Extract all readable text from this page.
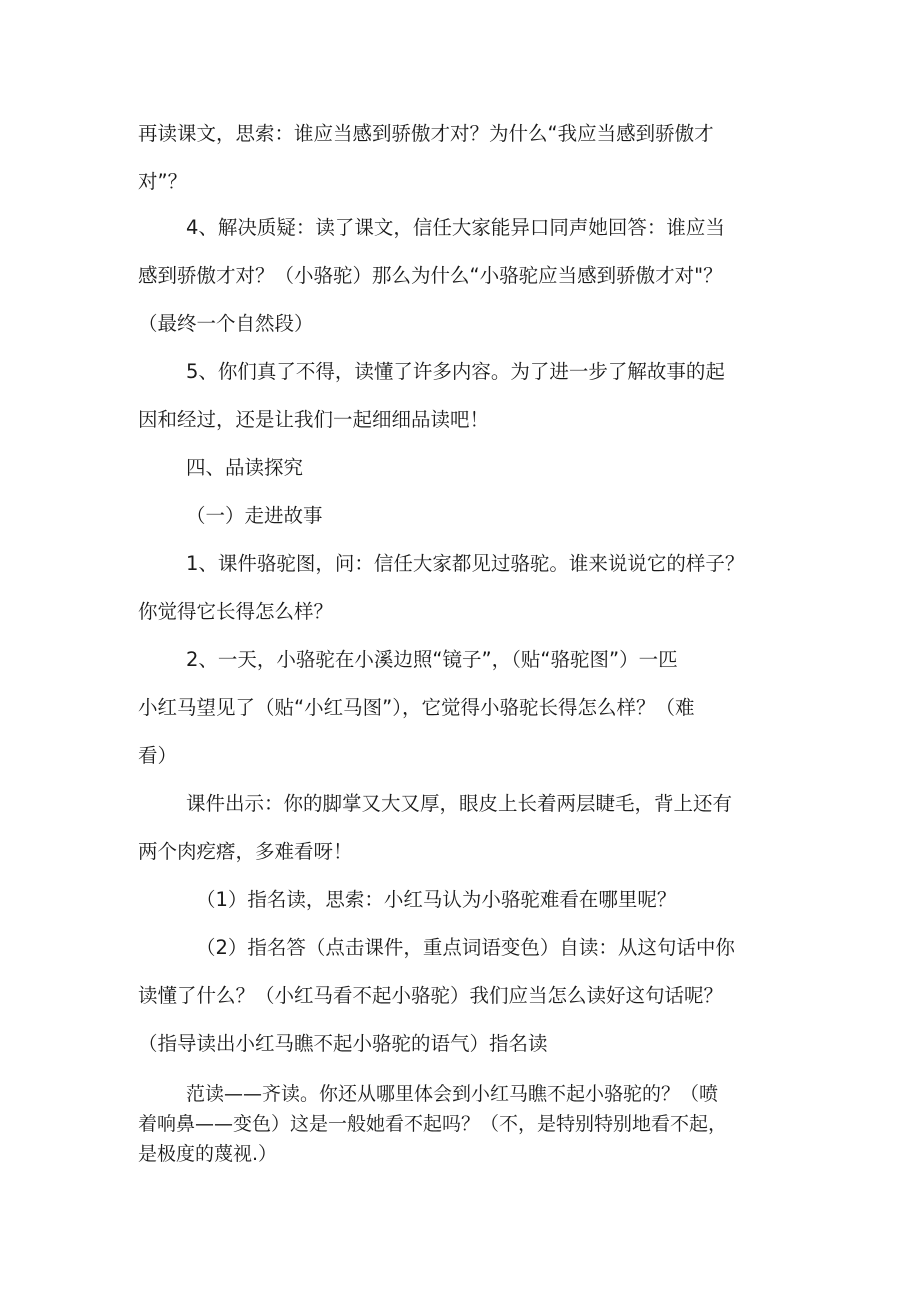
再读课文，思索：谁应当感到骄傲才对？为什么“我应当感到骄傲才
对”？
4、解决质疑：读了课文，信任大家能异口同声她回答：谁应当
感到骄傲才对？（小骆驼）那么为什么“小骆驼应当感到骄傲才对"？
（最终一个自然段）
5、你们真了不得，读懂了许多内容。为了进一步了解故事的起
因和经过，还是让我们一起细细品读吧！
四、品读探究
（一）走进故事
1、课件骆驼图，问：信任大家都见过骆驼。谁来说说它的样子？
你觉得它长得怎么样？
2、一天，小骆驼在小溪边照“镜子”，（贴“骆驼图”）一匹
小红马望见了（贴“小红马图”），它觉得小骆驼长得怎么样？（难
看）
课件出示：你的脚掌又大又厚，眼皮上长着两层睫毛，背上还有
两个肉疙瘩，多难看呀！
（1）指名读，思索：小红马认为小骆驼难看在哪里呢？
（2）指名答（点击课件，重点词语变色）自读：从这句话中你
读懂了什么？（小红马看不起小骆驼）我们应当怎么读好这句话呢？
（指导读出小红马瞧不起小骆驼的语气）指名读
范读——齐读。你还从哪里体会到小红马瞧不起小骆驼的？（喷
着响鼻——变色）这是一般她看不起吗？（不，是特别特别地看不起，
是极度的蔑视.）
